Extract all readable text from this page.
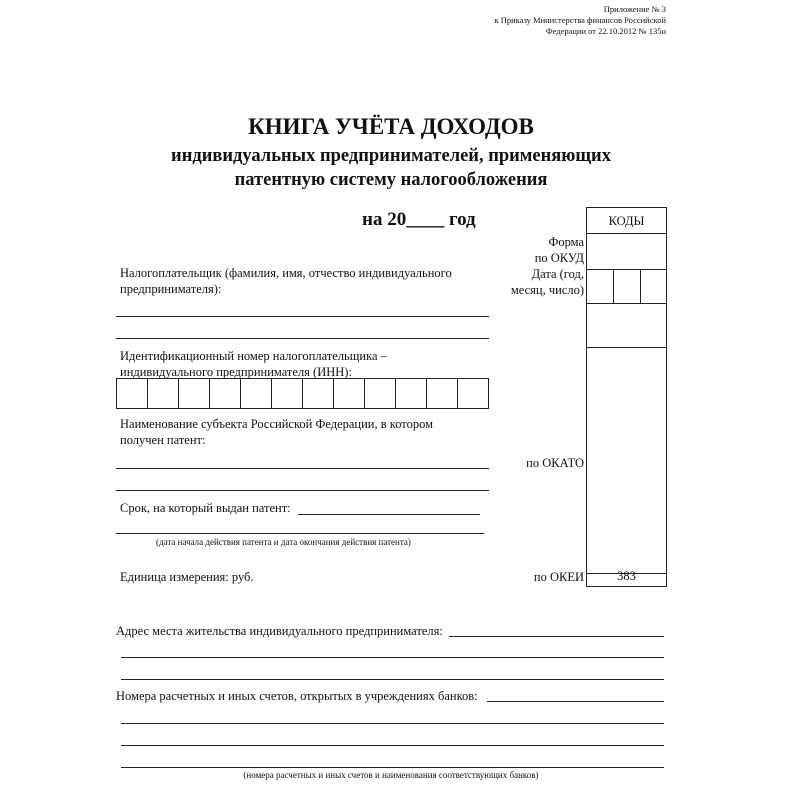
Приложение № 3
к Приказу Министерства финансов Российской
Федерации от 22.10.2012 № 135н
КНИГА УЧЁТА ДОХОДОВ
индивидуальных предпринимателей, применяющих
патентную систему налогообложения
на 20____ год	КОДЫ
383
Форма
по ОКУД
Дата (год,
месяц, число)
по ОКАТО
по ОКЕИ
Налогоплательщик (фамилия, имя, отчество индивидуального
предпринимателя):
Идентификационный номер налогоплательщика –
индивидуального предпринимателя (ИНН):
Наименование субъекта Российской Федерации, в котором
получен патент:
Срок, на который выдан патент:
(дата начала действия патента и дата окончания действия патента)
Единица измерения: руб.
Адрес места жительства индивидуального предпринимателя:
Номера расчетных и иных счетов, открытых в учреждениях банков:
(номера расчетных и иных счетов и наименования соответствующих банков)
